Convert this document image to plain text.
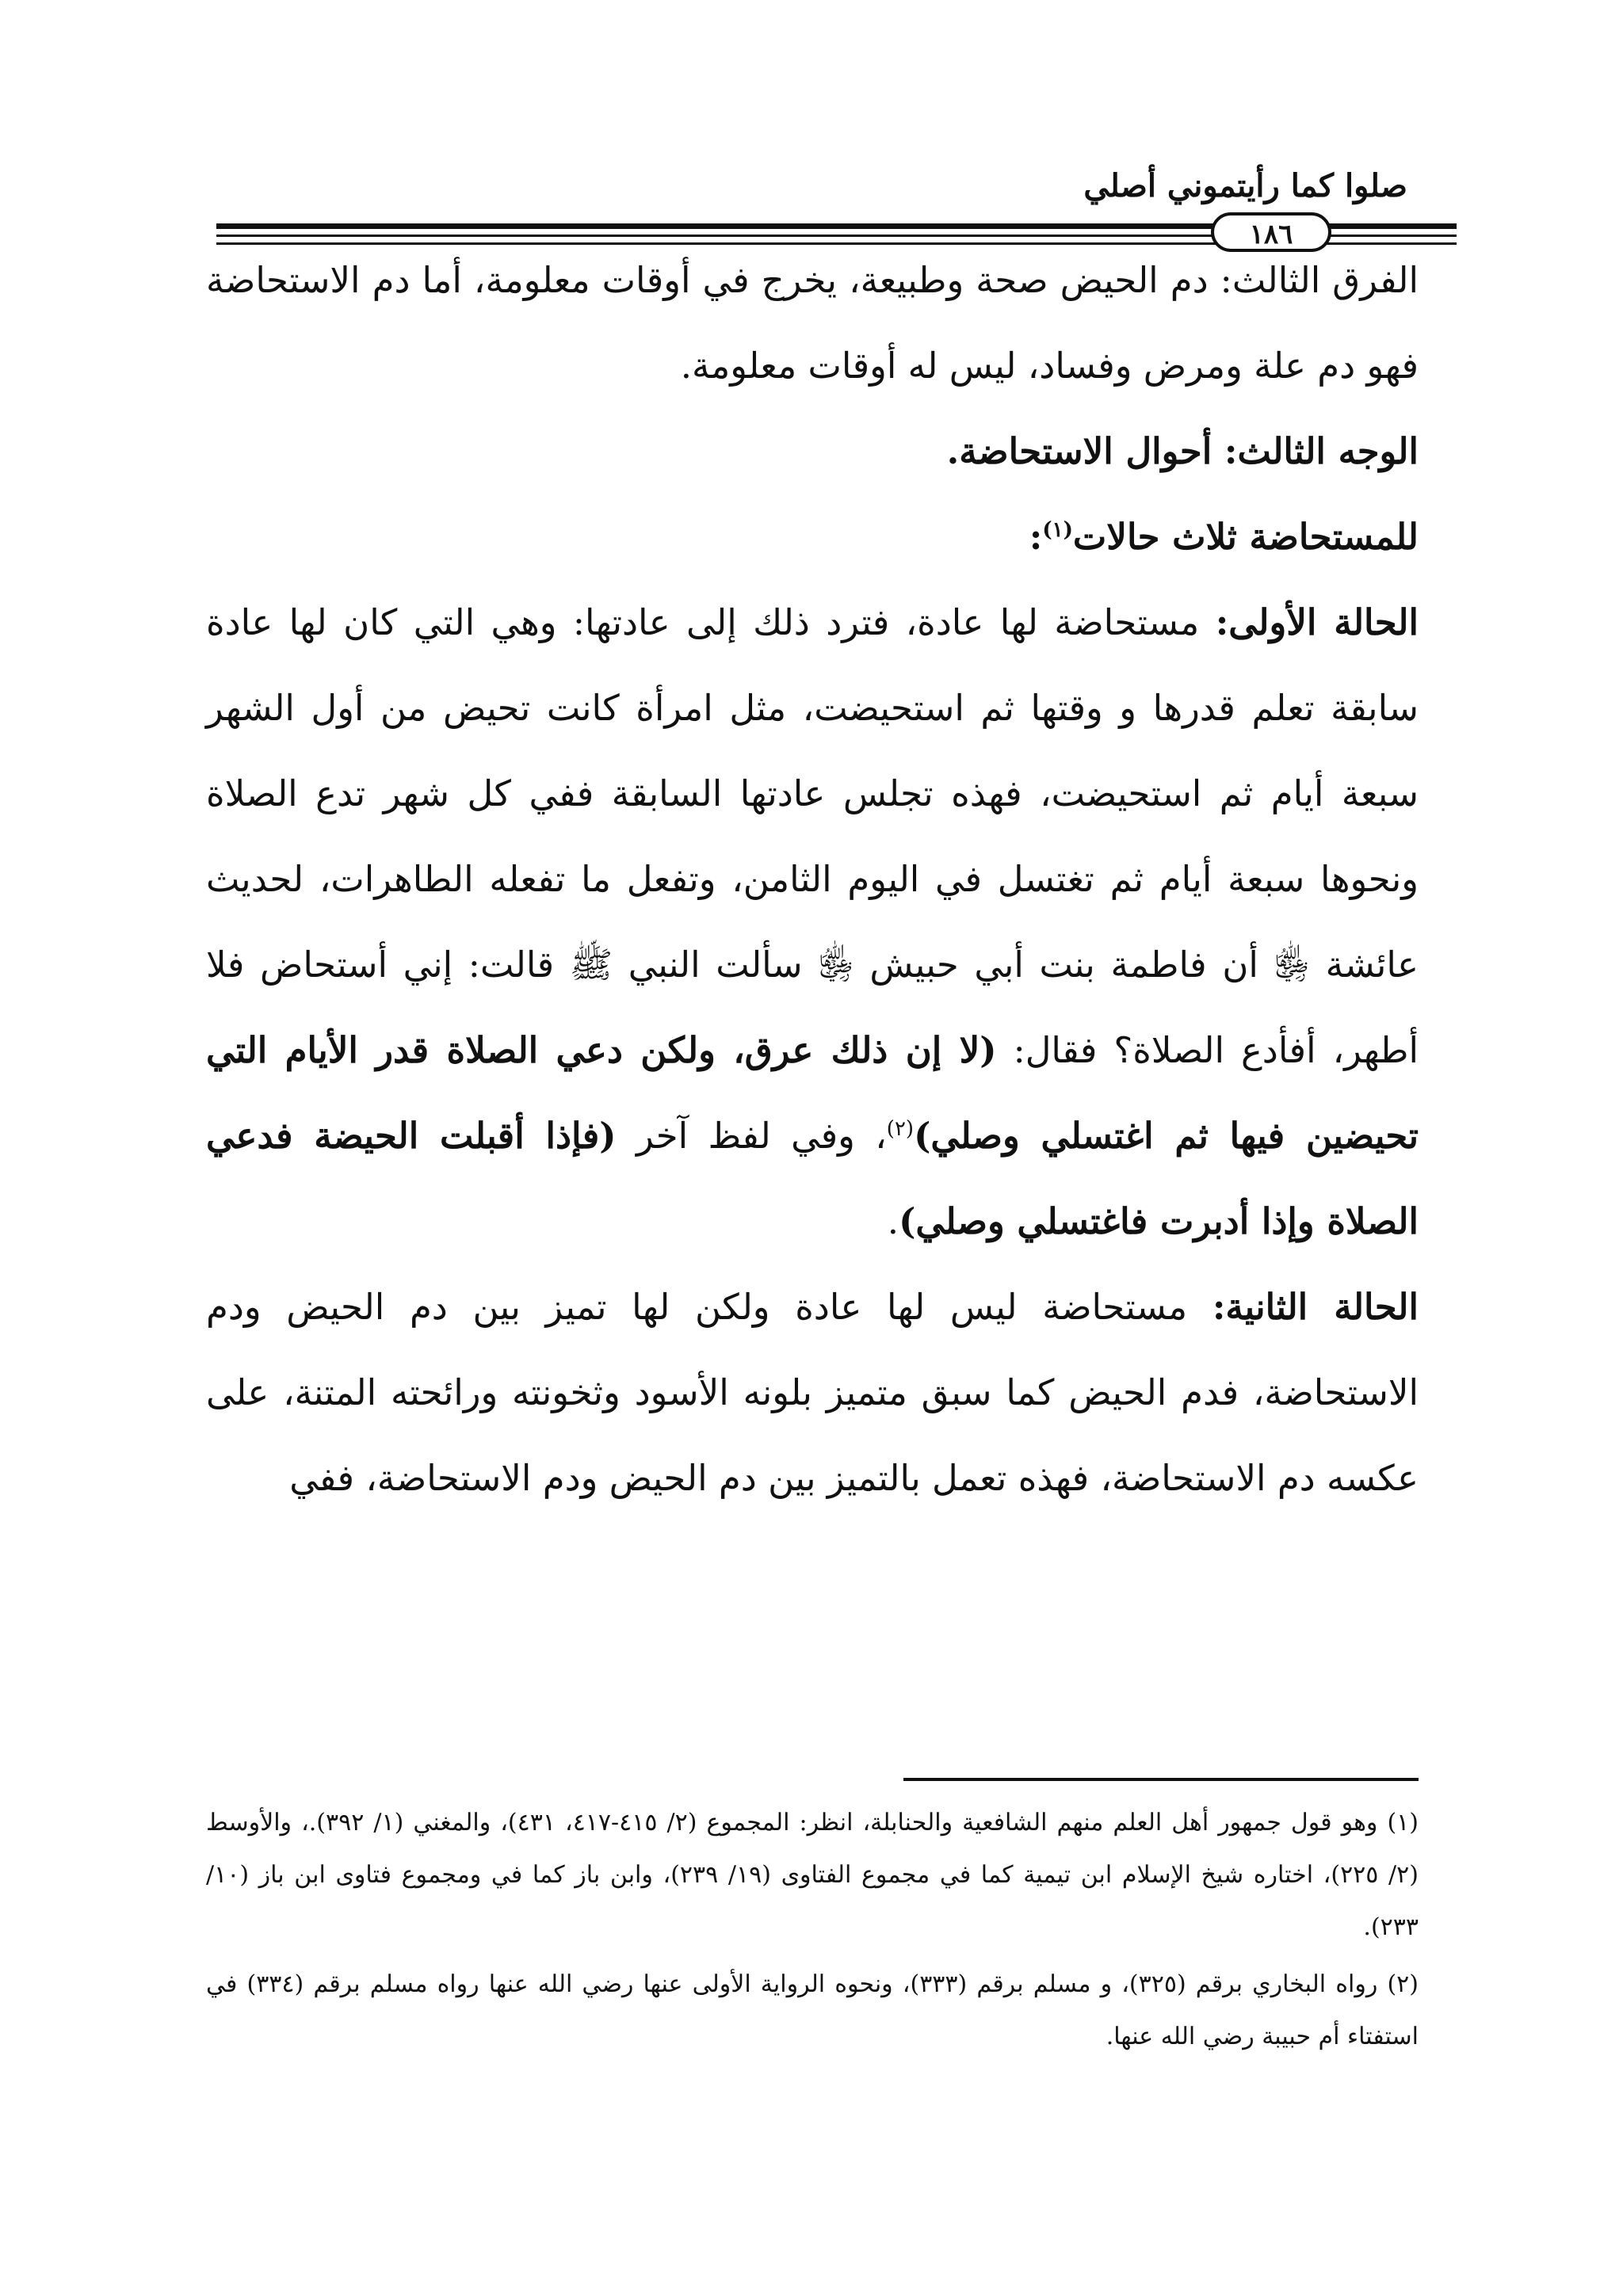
صلوا كما رأيتموني أصلي
١٨٦

الفرق الثالث: دم الحيض صحة وطبيعة، يخرج في أوقات معلومة، أما دم الاستحاضة فهو دم علة ومرض وفساد، ليس له أوقات معلومة.

الوجه الثالث: أحوال الاستحاضة.

للمستحاضة ثلاث حالات$^{(١)}$:

الحالة الأولى: مستحاضة لها عادة، فترد ذلك إلى عادتها: وهي التي كان لها عادة سابقة تعلم قدرها و وقتها ثم استحيضت، مثل امرأة كانت تحيض من أول الشهر سبعة أيام ثم استحيضت، فهذه تجلس عادتها السابقة ففي كل شهر تدع الصلاة ونحوها سبعة أيام ثم تغتسل في اليوم الثامن، وتفعل ما تفعله الطاهرات، لحديث عائشة ﵂ أن فاطمة بنت أبي حبيش ﵂ سألت النبي ﷺ قالت: إني أستحاض فلا أطهر، أفأدع الصلاة؟ فقال: (لا إن ذلك عرق، ولكن دعي الصلاة قدر الأيام التي تحيضين فيها ثم اغتسلي وصلي)$^{(٢)}$، وفي لفظ آخر (فإذا أقبلت الحيضة فدعي الصلاة وإذا أدبرت فاغتسلي وصلي).

الحالة الثانية: مستحاضة ليس لها عادة ولكن لها تميز بين دم الحيض ودم الاستحاضة، فدم الحيض كما سبق متميز بلونه الأسود وثخونته ورائحته المتنة، على عكسه دم الاستحاضة، فهذه تعمل بالتميز بين دم الحيض ودم الاستحاضة، ففي

(١) وهو قول جمهور أهل العلم منهم الشافعية والحنابلة، انظر: المجموع (٢/ ٤١٥-٤١٧، ٤٣١)، والمغني (١/ ٣٩٢).، والأوسط (٢/ ٢٢٥)، اختاره شيخ الإسلام ابن تيمية كما في مجموع الفتاوى (١٩/ ٢٣٩)، وابن باز كما في ومجموع فتاوى ابن باز (١٠/ ٢٣٣).

(٢) رواه البخاري برقم (٣٢٥)، و مسلم برقم (٣٣٣)، ونحوه الرواية الأولى عنها رضي الله عنها رواه مسلم برقم (٣٣٤) في استفتاء أم حبيبة رضي الله عنها.
